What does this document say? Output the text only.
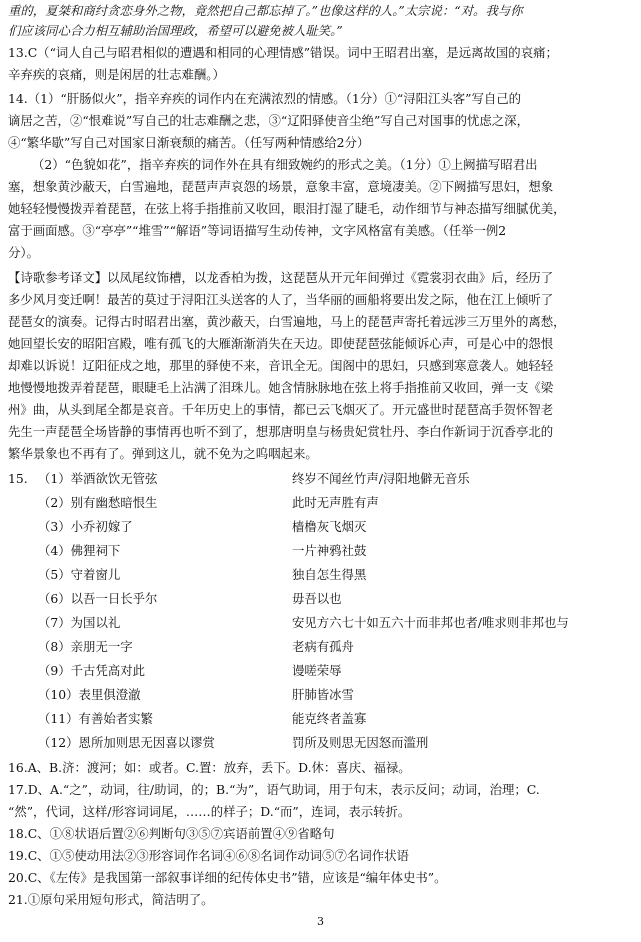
重的，夏桀和商纣贪恋身外之物，竟然把自己都忘掉了。”也像这样的人。”太宗说：“对。我与你
们应该同心合力相互辅助治国理政，希望可以避免被人耻笑。”
13.C（“词人自己与昭君相似的遭遇和相同的心理情感”错误。词中王昭君出塞，是远离故国的哀痛；
辛弃疾的哀痛，则是闲居的壮志难酬。）
14.（1）“肝肠似火”，指辛弃疾的词作内在充满浓烈的情感。（1分）①“浔阳江头客”写自己的
谪居之苦，②“恨难说”写自己的壮志难酬之悲，③“辽阳驿使音尘绝”写自己对国事的忧虑之深，
④“繁华歇”写自己对国家日渐衰颓的痛苦。（任写两种情感给2分）
（2）“色貌如花”，指辛弃疾的词作外在具有细致婉约的形式之美。（1分）①上阙描写昭君出
塞，想象黄沙蔽天，白雪遍地，琵琶声声哀怨的场景，意象丰富，意境凄美。②下阙描写思妇，想象
她轻轻慢慢拨弄着琵琶，在弦上将手指推前又收回，眼泪打湿了睫毛，动作细节与神态描写细腻优美，
富于画面感。③“亭亭”“堆雪”“解语”等词语描写生动传神，文字风格富有美感。（任举一例2
分）。
【诗歌参考译文】以凤尾纹饰槽，以龙香柏为拨，这琵琶从开元年间弹过《霓裳羽衣曲》后，经历了
多少风月变迁啊！最苦的莫过于浔阳江头送客的人了，当华丽的画船将要出发之际，他在江上倾听了
琵琶女的演奏。记得古时昭君出塞，黄沙蔽天，白雪遍地，马上的琵琶声寄托着远涉三万里外的离愁，
她回望长安的昭阳宫殿，唯有孤飞的大雁渐渐消失在天边。即使琵琶弦能倾诉心声，可是心中的怨恨
却难以诉说！辽阳征戍之地，那里的驿使不来，音讯全无。闺阁中的思妇，只感到寒意袭人。她轻轻
地慢慢地拨弄着琵琶，眼睫毛上沾满了泪珠儿。她含情脉脉地在弦上将手指推前又收回，弹一支《梁
州》曲，从头到尾全都是哀音。千年历史上的事情，都已云飞烟灭了。开元盛世时琵琶高手贺怀智老
先生一声琵琶全场皆静的事情再也听不到了，想那唐明皇与杨贵妃赏牡丹、李白作新词于沉香亭北的
繁华景象也不再有了。弹到这儿，就不免为之呜咽起来。
15. （1）举酒欲饮无管弦	终岁不闻丝竹声/浔阳地僻无音乐
（2）别有幽愁暗恨生	此时无声胜有声
（3）小乔初嫁了	樯橹灰飞烟灭
（4）佛狸祠下	一片神鸦社鼓
（5）守着窗儿	独自怎生得黑
（6）以吾一日长乎尔	毋吾以也
（7）为国以礼	安见方六七十如五六十而非邦也者/唯求则非邦也与
（8）亲朋无一字	老病有孤舟
（9）千古凭高对此	谩嗟荣辱
（10）表里俱澄澈	肝肺皆冰雪
（11）有善始者实繁	能克终者盖寡
（12）恩所加则思无因喜以谬赏	罚所及则思无因怒而滥刑
16.A、B.济：渡河；如：或者。C.置：放弃，丢下。D.休：喜庆、福禄。
17.D、A.“之”，动词，往/助词，的；B.“为”，语气助词，用于句末，表示反问；动词，治理；C.
“然”，代词，这样/形容词词尾，……的样子；D.“而”，连词，表示转折。
18.C、①⑧状语后置②⑥判断句③⑤⑦宾语前置④⑨省略句
19.C、①⑤使动用法②③形容词作名词④⑥⑧名词作动词⑤⑦名词作状语
20.C、《左传》是我国第一部叙事详细的纪传体史书”错，应该是“编年体史书”。
21.①原句采用短句形式，简洁明了。
3
